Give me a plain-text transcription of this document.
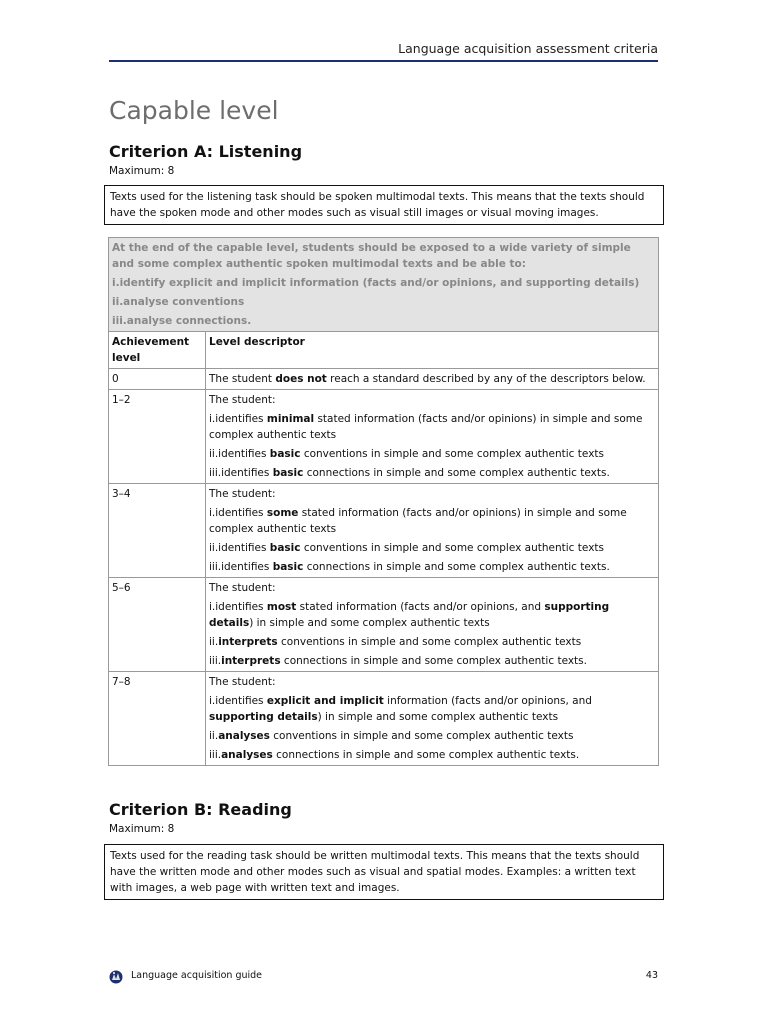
Language acquisition assessment criteria
Capable level
Criterion A: Listening
Maximum: 8
Texts used for the listening task should be spoken multimodal texts. This means that the texts should have the spoken mode and other modes such as visual still images or visual moving images.

At the end of the capable level, students should be exposed to a wide variety of simple and some complex authentic spoken multimodal texts and be able to:

i.identify explicit and implicit information (facts and/or opinions, and supporting details)

ii.analyse conventions

iii.analyse connections.	

Achievement level	Level descriptor
0	The student does not reach a standard described by any of the descriptors below.
1–2	The student:

i.identifies minimal stated information (facts and/or opinions) in simple and some complex authentic texts

ii.identifies basic conventions in simple and some complex authentic texts

iii.identifies basic connections in simple and some complex authentic texts.

3–4	The student:

i.identifies some stated information (facts and/or opinions) in simple and some complex authentic texts

ii.identifies basic conventions in simple and some complex authentic texts

iii.identifies basic connections in simple and some complex authentic texts.

5–6	The student:

i.identifies most stated information (facts and/or opinions, and supporting details) in simple and some complex authentic texts

ii.interprets conventions in simple and some complex authentic texts

iii.interprets connections in simple and some complex authentic texts.

7–8	The student:

i.identifies explicit and implicit information (facts and/or opinions, and supporting details) in simple and some complex authentic texts

ii.analyses conventions in simple and some complex authentic texts

iii.analyses connections in simple and some complex authentic texts.

Criterion B: Reading
Maximum: 8
Texts used for the reading task should be written multimodal texts. This means that the texts should have the written mode and other modes such as visual and spatial modes. Examples: a written text with images, a web page with written text and images.
Language acquisition guide	43
